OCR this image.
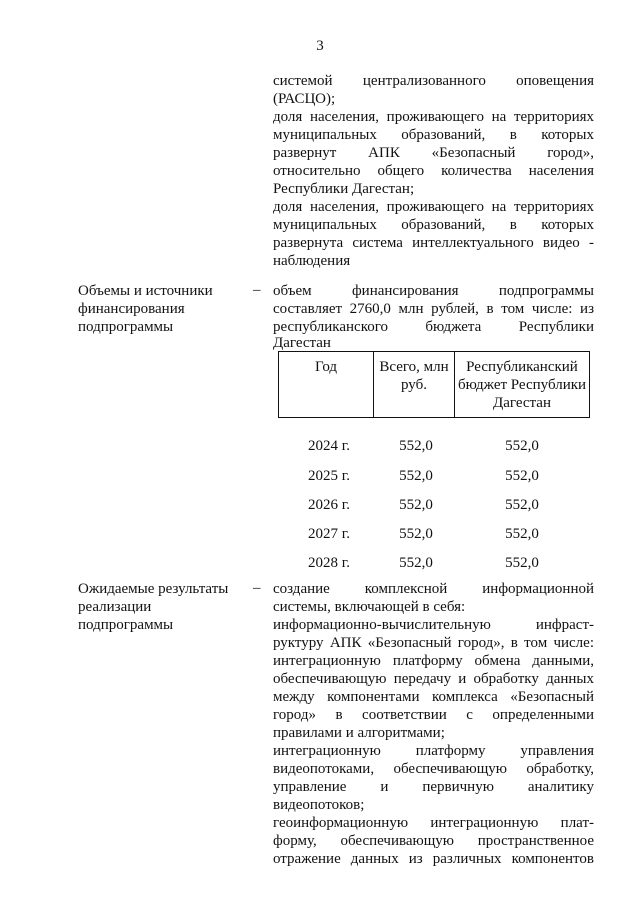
3
системой централизованного оповещения
(РАСЦО);
доля населения, проживающего на территориях
муниципальных образований, в которых
развернут АПК «Безопасный город»,
относительно общего количества населения
Республики Дагестан;
доля населения, проживающего на территориях
муниципальных образований, в которых
развернута система интеллектуального видео -
наблюдения
Объемы и источники
финансирования
подпрограммы
– объем финансирования подпрограммы
составляет 2760,0 млн рублей, в том числе: из
республиканского бюджета Республики
Дагестан
Год	Всего, млн руб.	Республиканский бюджет Республики Дагестан
2024 г.	552,0	552,0
2025 г.	552,0	552,0
2026 г.	552,0	552,0
2027 г.	552,0	552,0
2028 г.	552,0	552,0
Ожидаемые результаты
реализации
подпрограммы
– создание комплексной информационной
системы, включающей в себя:
информационно-вычислительную инфраст-
руктуру АПК «Безопасный город», в том числе:
интеграционную платформу обмена данными,
обеспечивающую передачу и обработку данных
между компонентами комплекса «Безопасный
город» в соответствии с определенными
правилами и алгоритмами;
интеграционную платформу управления
видеопотоками, обеспечивающую обработку,
управление и первичную аналитику
видеопотоков;
геоинформационную интеграционную плат-
форму, обеспечивающую пространственное
отражение данных из различных компонентов
